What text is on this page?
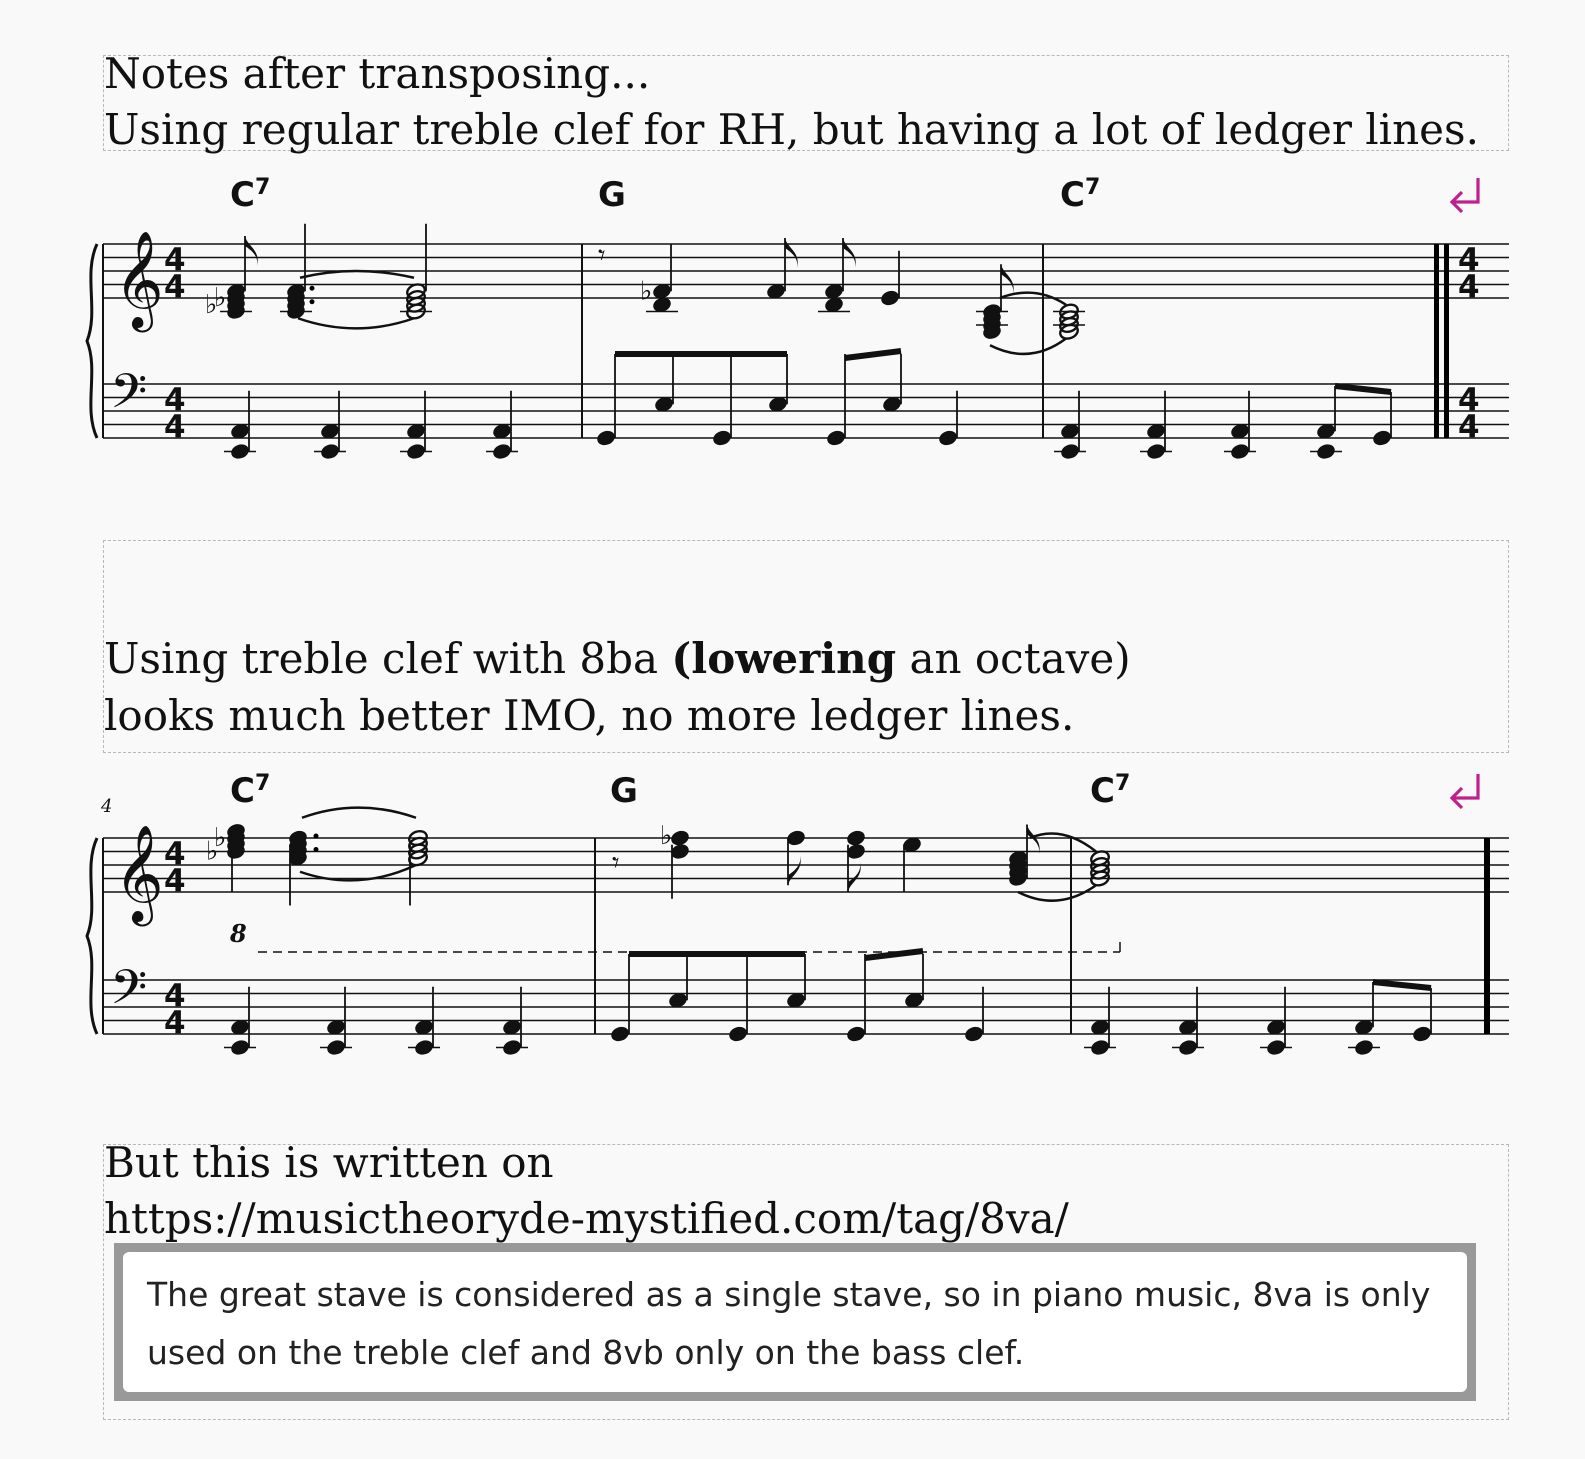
Notes after transposing...
Using regular treble clef for RH, but having a lot of ledger lines.
Using treble clef with 8ba (lowering an octave)
looks much better IMO, no more ledger lines.
But this is written on
https://musictheoryde-mystified.com/tag/8va/
The great stave is considered as a single stave, so in piano music, 8va is only used on the treble clef and 8vb only on the bass clef.
𝄞
𝄢
4
4
4
4
$C^7$	G	$C^7$
4
4
4
4
♭
♭
𝄾
♭
4
𝄞
𝄢
4
4
4
4
$C^7$	G	$C^7$
♭
♭
8
𝄾
♭
